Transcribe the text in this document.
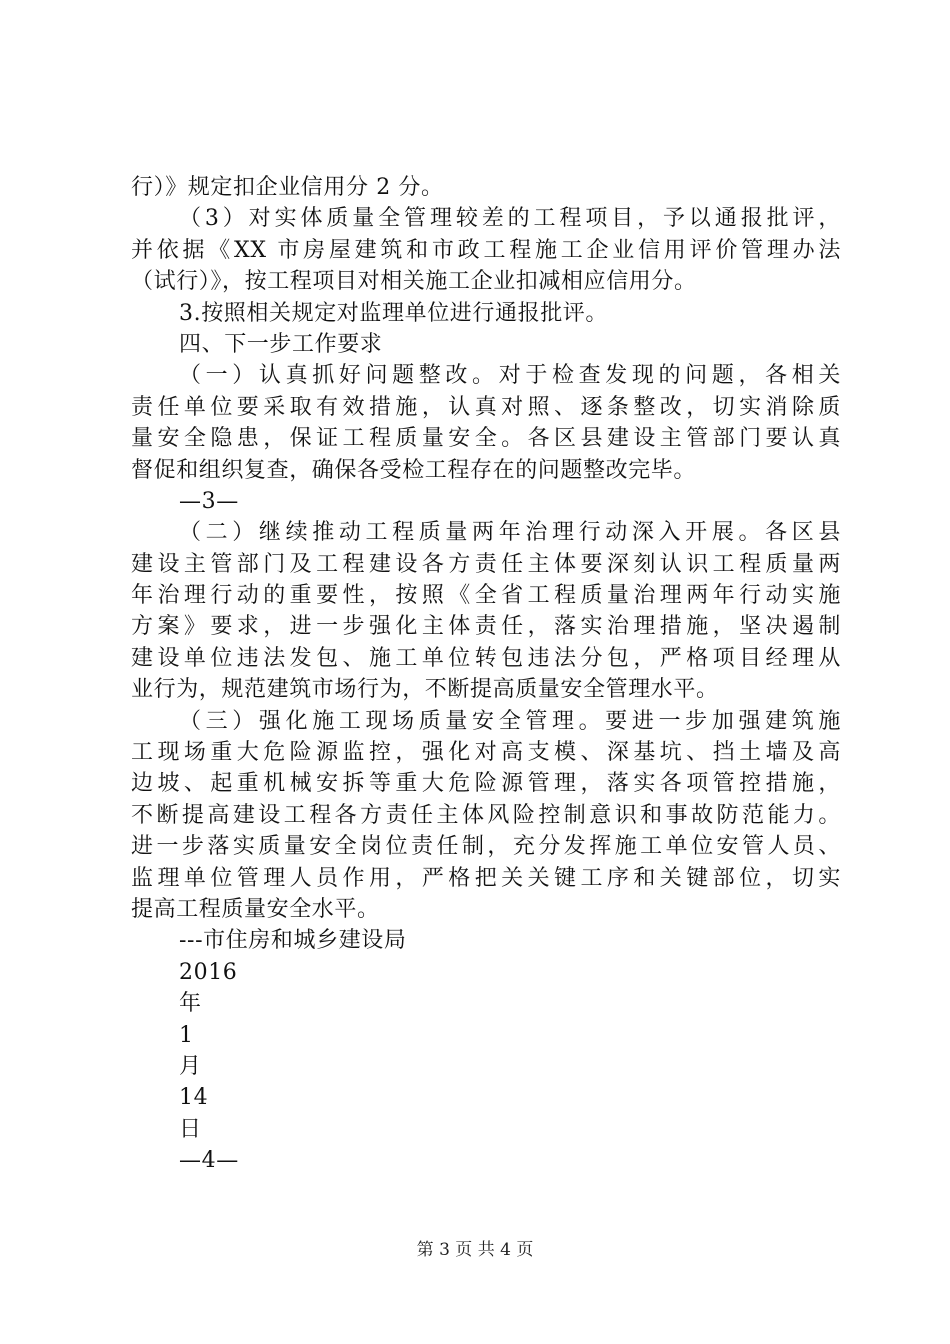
行）》规定扣企业信用分 2 分。
（3）对实体质量全管理较差的工程项目，予以通报批评，
并依据《XX 市房屋建筑和市政工程施工企业信用评价管理办法
（试行）》，按工程项目对相关施工企业扣减相应信用分。
3.按照相关规定对监理单位进行通报批评。
四、下一步工作要求
（一）认真抓好问题整改。对于检查发现的问题，各相关
责任单位要采取有效措施，认真对照、逐条整改，切实消除质
量安全隐患，保证工程质量安全。各区县建设主管部门要认真
督促和组织复查，确保各受检工程存在的问题整改完毕。
—3—
（二）继续推动工程质量两年治理行动深入开展。各区县
建设主管部门及工程建设各方责任主体要深刻认识工程质量两
年治理行动的重要性，按照《全省工程质量治理两年行动实施
方案》要求，进一步强化主体责任，落实治理措施，坚决遏制
建设单位违法发包、施工单位转包违法分包，严格项目经理从
业行为，规范建筑市场行为，不断提高质量安全管理水平。
（三）强化施工现场质量安全管理。要进一步加强建筑施
工现场重大危险源监控，强化对高支模、深基坑、挡土墙及高
边坡、起重机械安拆等重大危险源管理，落实各项管控措施，
不断提高建设工程各方责任主体风险控制意识和事故防范能力。
进一步落实质量安全岗位责任制，充分发挥施工单位安管人员、
监理单位管理人员作用，严格把关关键工序和关键部位，切实
提高工程质量安全水平。
---市住房和城乡建设局
2016
年
1
月
14
日
—4—
第 3 页 共 4 页
